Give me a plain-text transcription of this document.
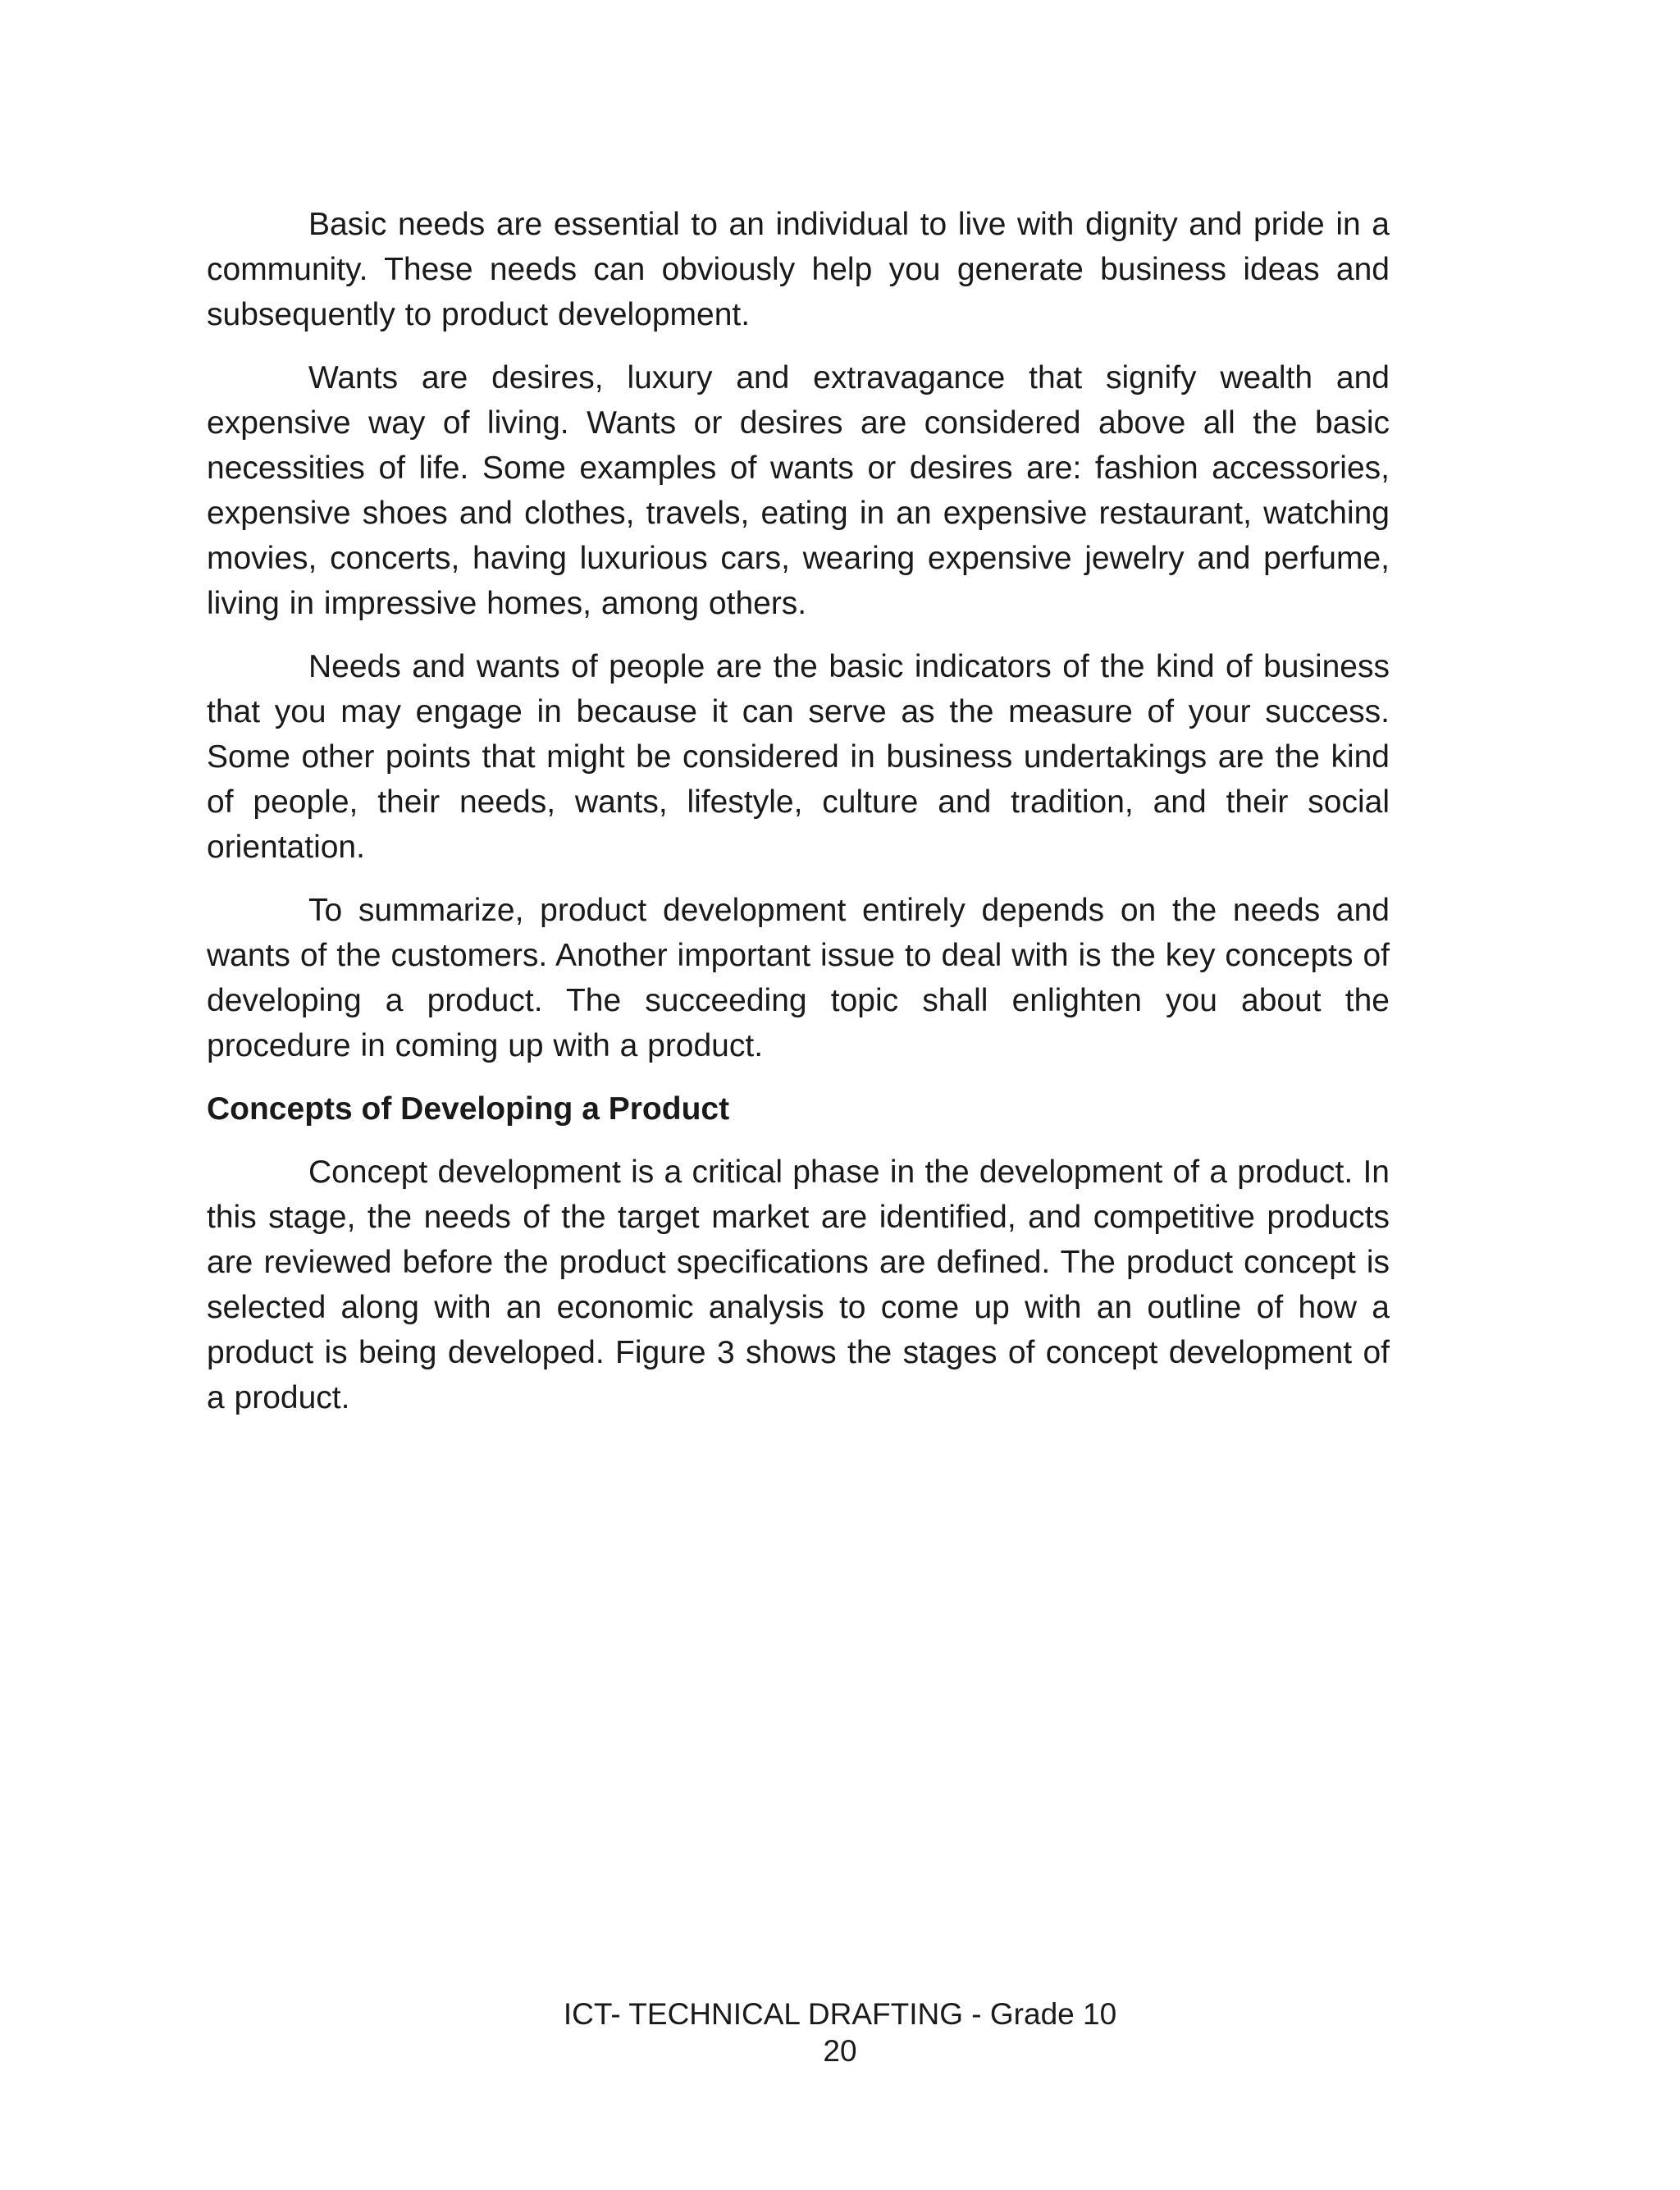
Basic needs are essential to an individual to live with dignity and pride in a community. These needs can obviously help you generate business ideas and subsequently to product development.

Wants are desires, luxury and extravagance that signify wealth and expensive way of living. Wants or desires are considered above all the basic necessities of life. Some examples of wants or desires are: fashion accessories, expensive shoes and clothes, travels, eating in an expensive restaurant, watching movies, concerts, having luxurious cars, wearing expensive jewelry and perfume, living in impressive homes, among others.

Needs and wants of people are the basic indicators of the kind of business that you may engage in because it can serve as the measure of your success. Some other points that might be considered in business undertakings are the kind of people, their needs, wants, lifestyle, culture and tradition, and their social orientation.

To summarize, product development entirely depends on the needs and wants of the customers. Another important issue to deal with is the key concepts of developing a product. The succeeding topic shall enlighten you about the procedure in coming up with a product.

Concepts of Developing a Product

Concept development is a critical phase in the development of a product. In this stage, the needs of the target market are identified, and competitive products are reviewed before the product specifications are defined. The product concept is selected along with an economic analysis to come up with an outline of how a product is being developed. Figure 3 shows the stages of concept development of a product.

ICT- TECHNICAL DRAFTING - Grade 10
20
